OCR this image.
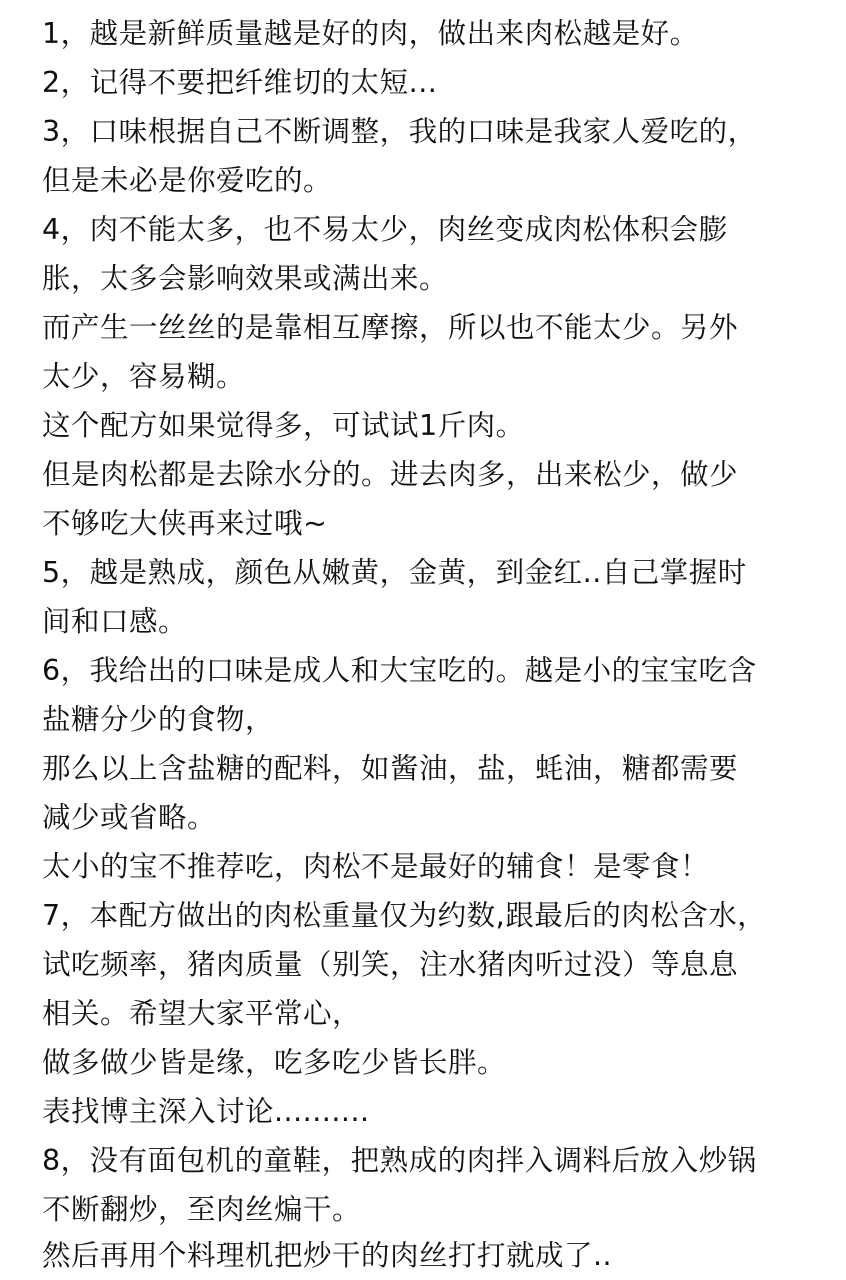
1，越是新鲜质量越是好的肉，做出来肉松越是好。
2，记得不要把纤维切的太短...
3，口味根据自己不断调整，我的口味是我家人爱吃的，
但是未必是你爱吃的。
4，肉不能太多，也不易太少，肉丝变成肉松体积会膨
胀，太多会影响效果或满出来。
而产生一丝丝的是靠相互摩擦，所以也不能太少。另外
太少，容易糊。
这个配方如果觉得多，可试试1斤肉。
但是肉松都是去除水分的。进去肉多，出来松少，做少
不够吃大侠再来过哦~
5，越是熟成，颜色从嫩黄，金黄，到金红..自己掌握时
间和口感。
6，我给出的口味是成人和大宝吃的。越是小的宝宝吃含
盐糖分少的食物，
那么以上含盐糖的配料，如酱油，盐，蚝油，糖都需要
减少或省略。
太小的宝不推荐吃，肉松不是最好的辅食！是零食！
7，本配方做出的肉松重量仅为约数,跟最后的肉松含水，
试吃频率，猪肉质量（别笑，注水猪肉听过没）等息息
相关。希望大家平常心，
做多做少皆是缘，吃多吃少皆长胖。
表找博主深入讨论..........
8，没有面包机的童鞋，把熟成的肉拌入调料后放入炒锅
不断翻炒，至肉丝煸干。
然后再用个料理机把炒干的肉丝打打就成了..
